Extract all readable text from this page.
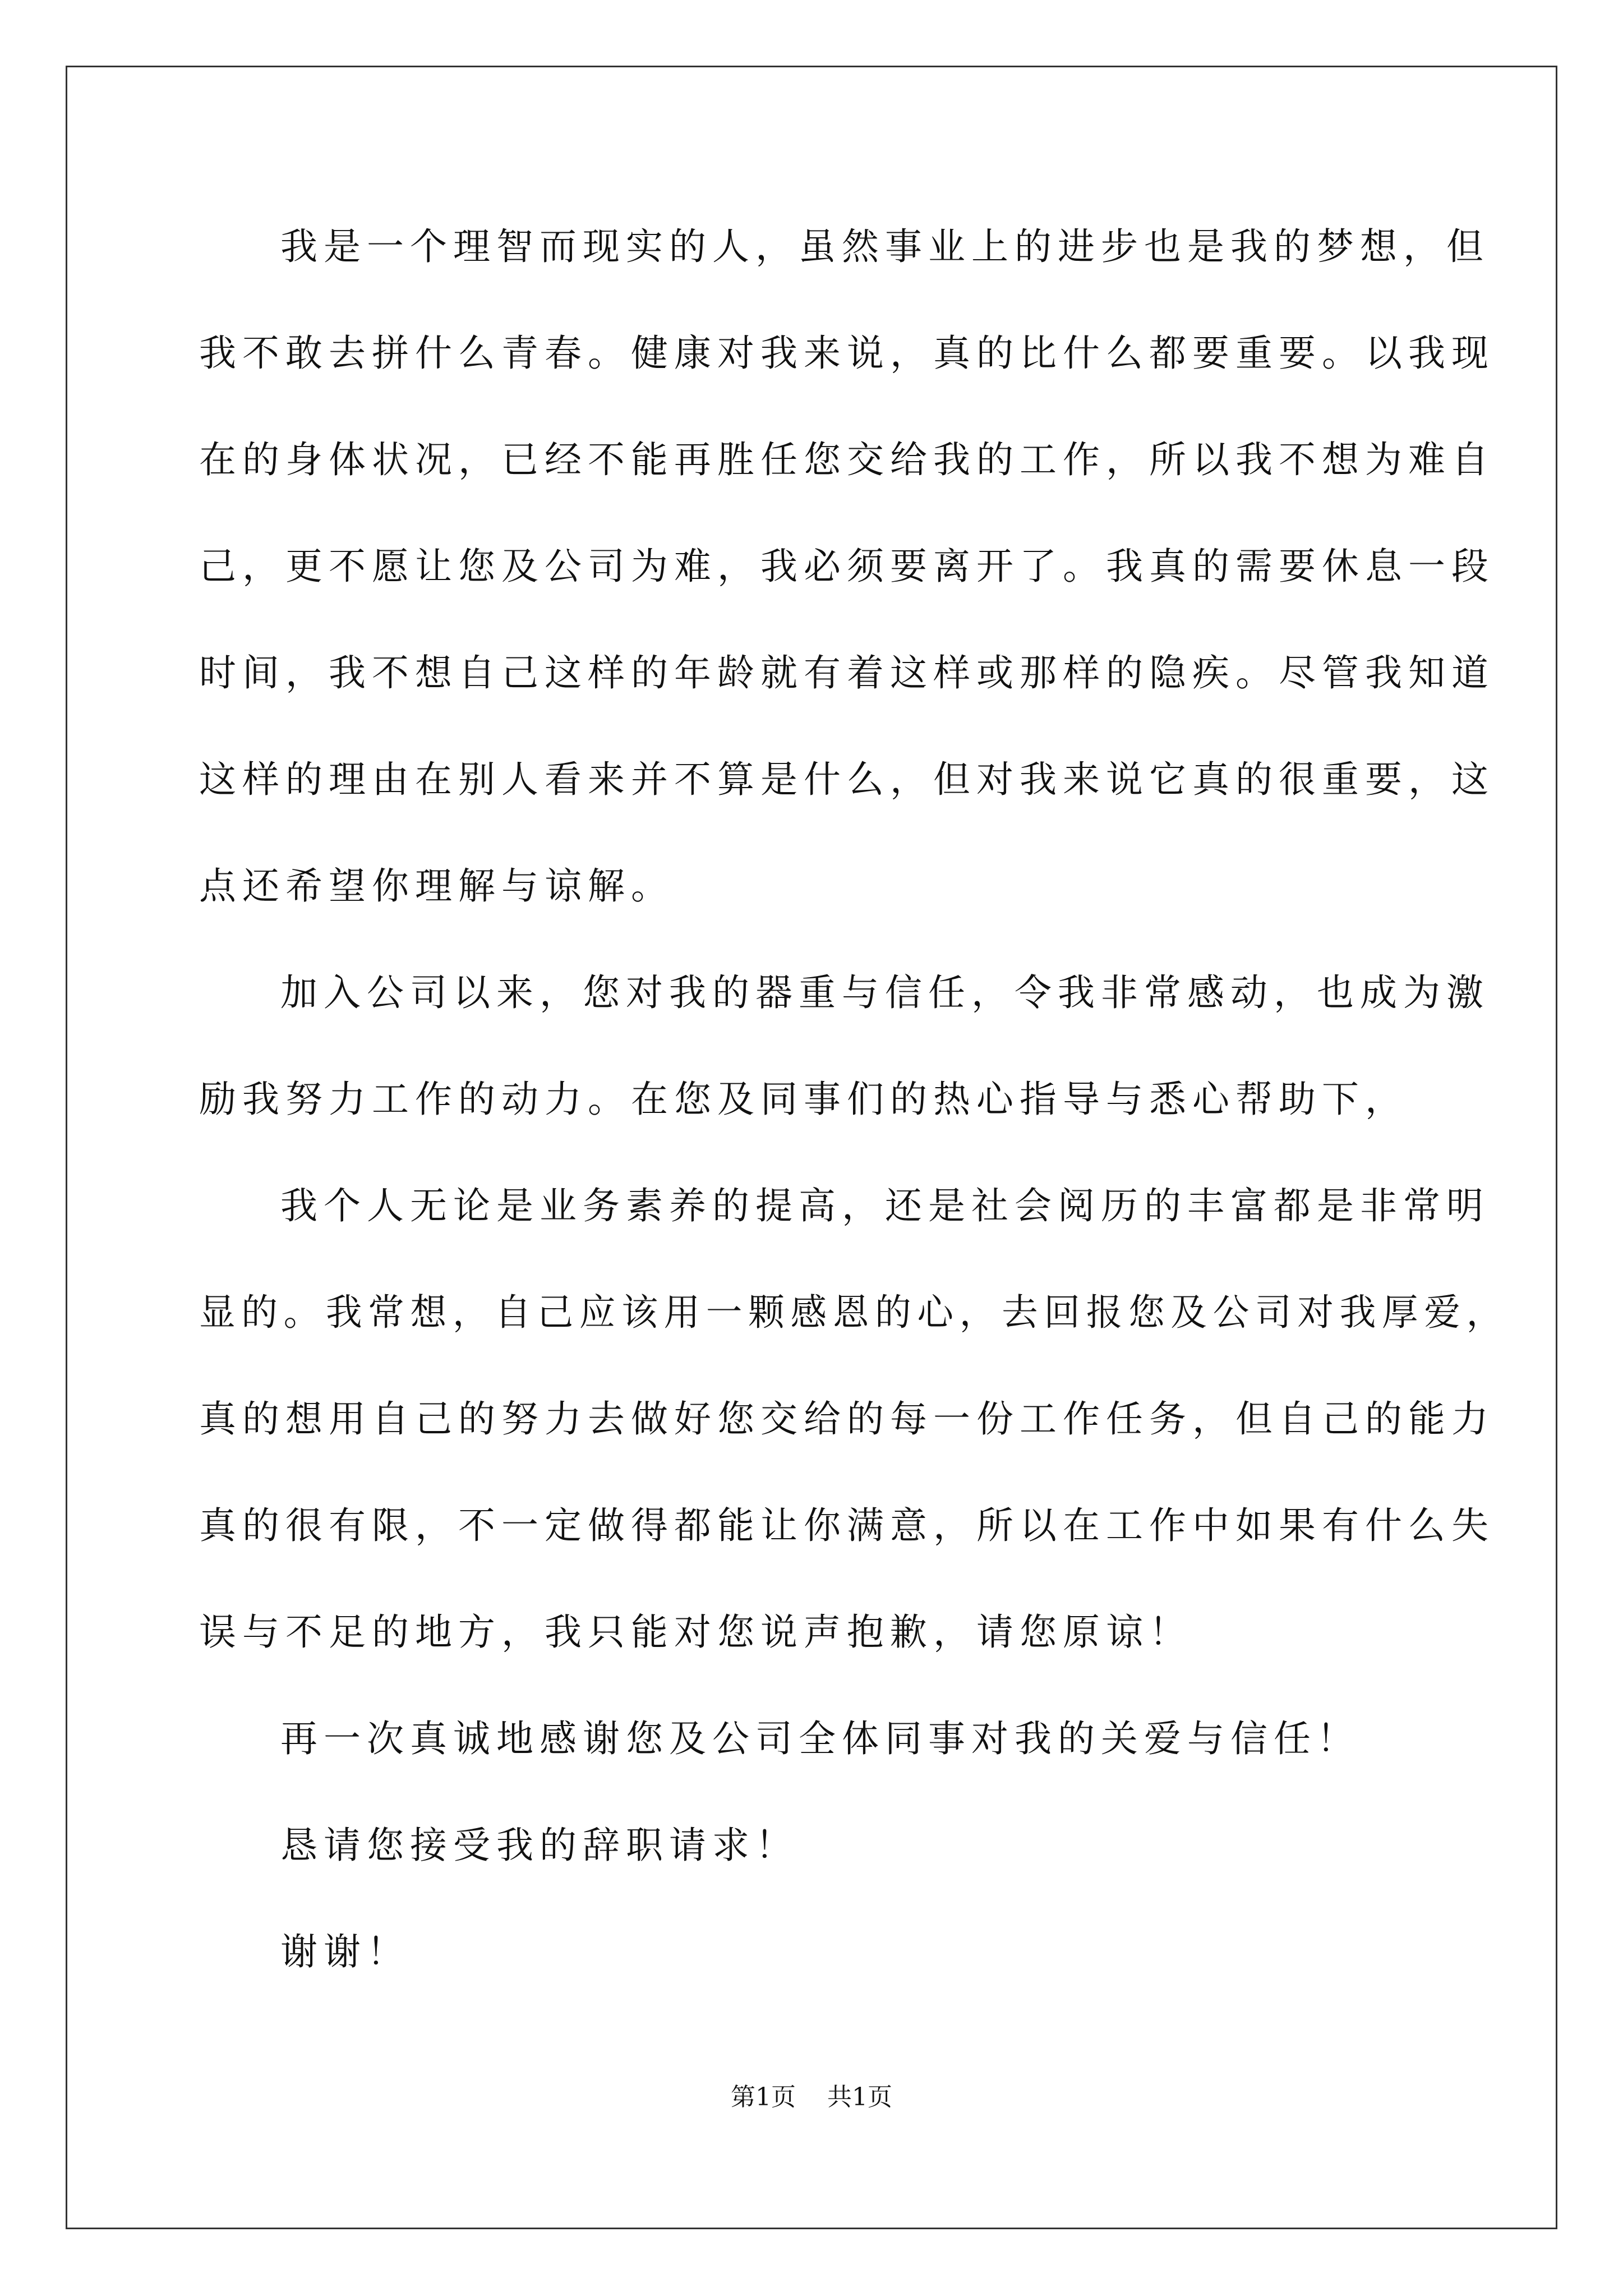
我是一个理智而现实的人，虽然事业上的进步也是我的梦想，但
我不敢去拼什么青春。健康对我来说，真的比什么都要重要。以我现
在的身体状况，已经不能再胜任您交给我的工作，所以我不想为难自
己，更不愿让您及公司为难，我必须要离开了。我真的需要休息一段
时间，我不想自己这样的年龄就有着这样或那样的隐疾。尽管我知道
这样的理由在别人看来并不算是什么，但对我来说它真的很重要，这
点还希望你理解与谅解。
加入公司以来，您对我的器重与信任，令我非常感动，也成为激
励我努力工作的动力。在您及同事们的热心指导与悉心帮助下，
我个人无论是业务素养的提高，还是社会阅历的丰富都是非常明
显的。我常想，自己应该用一颗感恩的心，去回报您及公司对我厚爱，
真的想用自己的努力去做好您交给的每一份工作任务，但自己的能力
真的很有限，不一定做得都能让你满意，所以在工作中如果有什么失
误与不足的地方，我只能对您说声抱歉，请您原谅！
再一次真诚地感谢您及公司全体同事对我的关爱与信任！
恳请您接受我的辞职请求！
谢谢！
第1页 共1页
